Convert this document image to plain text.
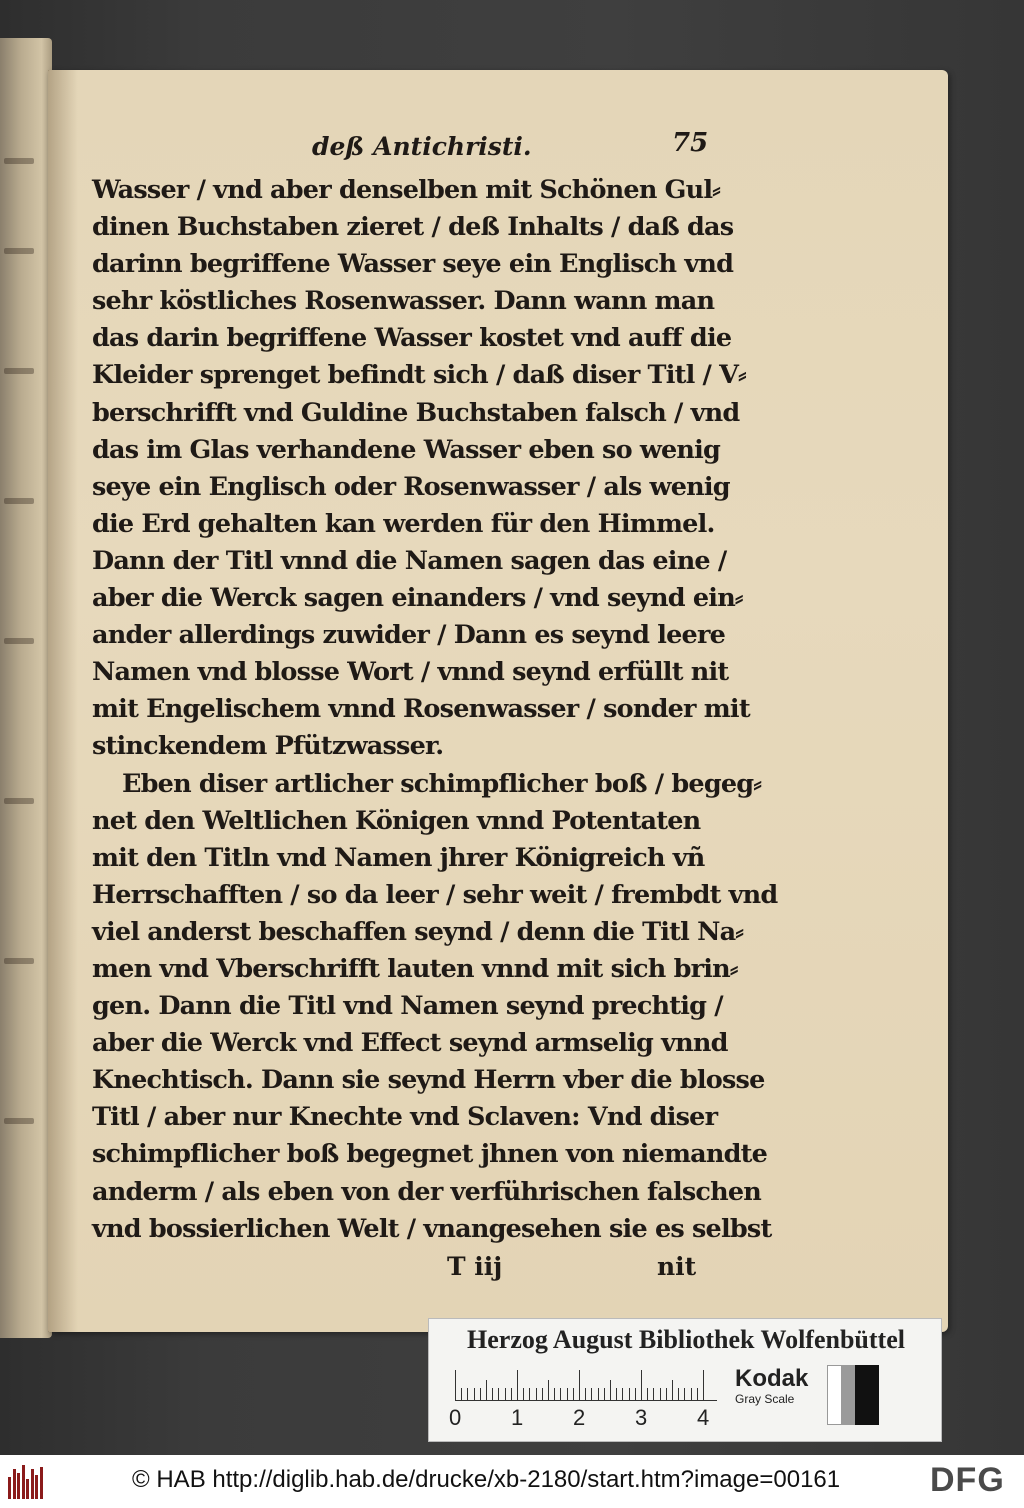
deß Antichristi.	75
Wasser / vnd aber denselben mit Schönen Gul⸗
dinen Buchstaben zieret / deß Inhalts / daß das
darinn begriffene Wasser seye ein Englisch vnd
sehr köstliches Rosenwasser. Dann wann man
das darin begriffene Wasser kostet vnd auff die
Kleider sprenget befindt sich / daß diser Titl / V⸗
berschrifft vnd Guldine Buchstaben falsch / vnd
das im Glas verhandene Wasser eben so wenig
seye ein Englisch oder Rosenwasser / als wenig
die Erd gehalten kan werden für den Himmel.
Dann der Titl vnnd die Namen sagen das eine /
aber die Werck sagen einanders / vnd seynd ein⸗
ander allerdings zuwider / Dann es seynd leere
Namen vnd blosse Wort / vnnd seynd erfüllt nit
mit Engelischem vnnd Rosenwasser / sonder mit
stinckendem Pfützwasser.
Eben diser artlicher schimpflicher boß / begeg⸗
net den Weltlichen Königen vnnd Potentaten
mit den Titln vnd Namen jhrer Königreich vñ
Herrschafften / so da leer / sehr weit / frembdt vnd
viel anderst beschaffen seynd / denn die Titl Na⸗
men vnd Vberschrifft lauten vnnd mit sich brin⸗
gen. Dann die Titl vnd Namen seynd prechtig /
aber die Werck vnd Effect seynd armselig vnnd
Knechtisch. Dann sie seynd Herrn vber die blosse
Titl / aber nur Knechte vnd Sclaven: Vnd diser
schimpflicher boß begegnet jhnen von niemandte
anderm / als eben von der verführischen falschen
vnd bossierlichen Welt / vnangesehen sie es selbst
T iij	nit
Herzog August Bibliothek Wolfenbüttel
0 1 2 3 4
Kodak
Gray Scale
© HAB http://diglib.hab.de/drucke/xb-2180/start.htm?image=00161	DFG
